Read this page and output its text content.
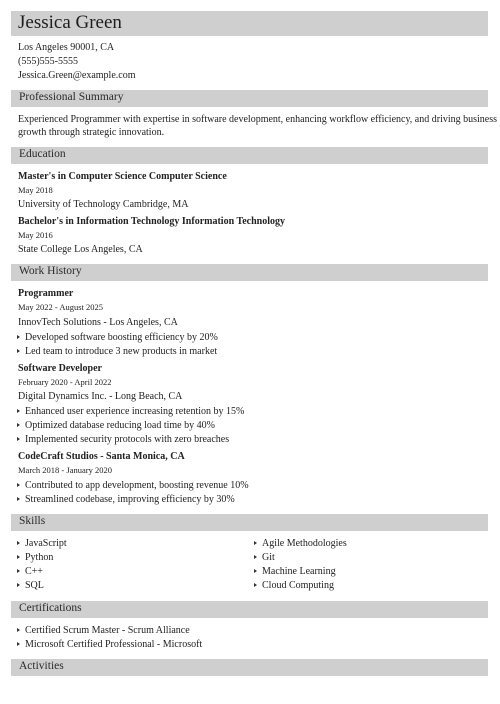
Jessica Green
Los Angeles 90001, CA
(555)555-5555
Jessica.Green@example.com
Professional Summary
Experienced Programmer with expertise in software development, enhancing workflow efficiency, and driving business
growth through strategic innovation.
Education
Master's in Computer Science Computer Science
May 2018
University of Technology Cambridge, MA
Bachelor's in Information Technology Information Technology
May 2016
State College Los Angeles, CA
Work History
Programmer
May 2022 - August 2025
InnovTech Solutions - Los Angeles, CA
Developed software boosting efficiency by 20%
Led team to introduce 3 new products in market
Software Developer
February 2020 - April 2022
Digital Dynamics Inc. - Long Beach, CA
Enhanced user experience increasing retention by 15%
Optimized database reducing load time by 40%
Implemented security protocols with zero breaches
CodeCraft Studios - Santa Monica, CA
March 2018 - January 2020
Contributed to app development, boosting revenue 10%
Streamlined codebase, improving efficiency by 30%
Skills
JavaScript
Python
C++
SQL
Agile Methodologies
Git
Machine Learning
Cloud Computing
Certifications
Certified Scrum Master - Scrum Alliance
Microsoft Certified Professional - Microsoft
Activities
